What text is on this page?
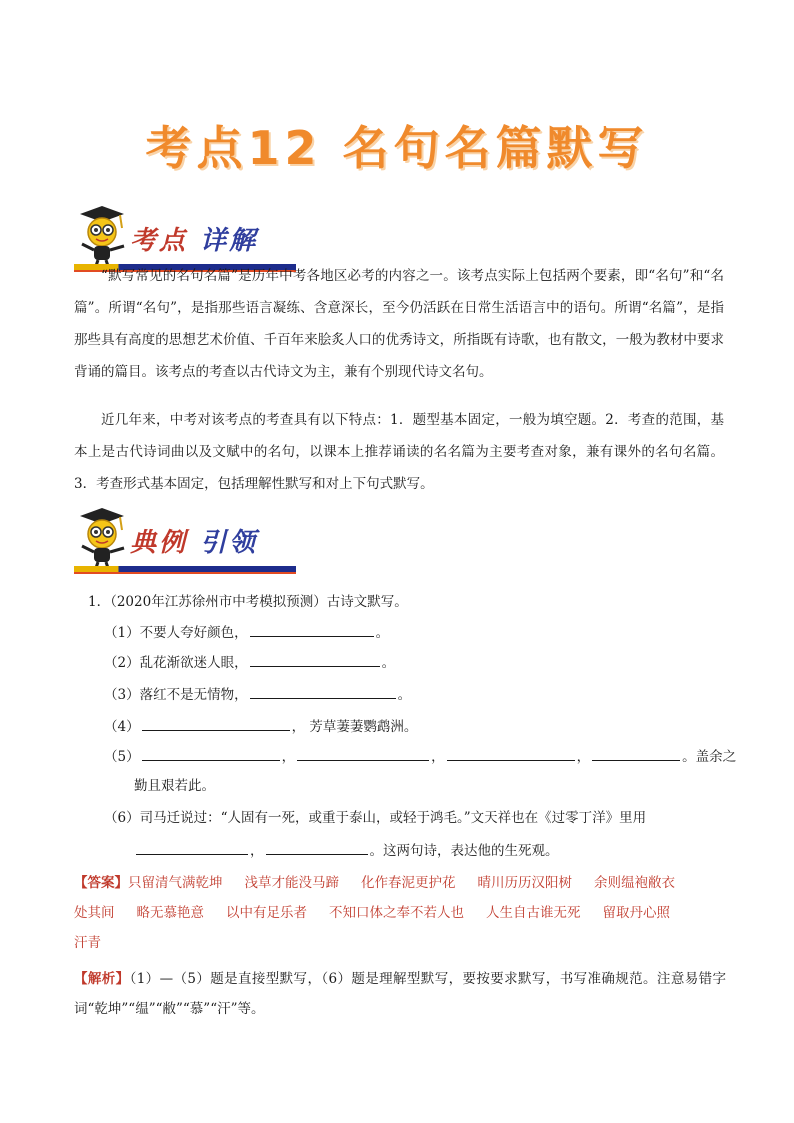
考点12 名句名篇默写
考点 详解
“默写常见的名句名篇”是历年中考各地区必考的内容之一。该考点实际上包括两个要素，即“名句”和“名篇”。所谓“名句”，是指那些语言凝练、含意深长，至今仍活跃在日常生活语言中的语句。所谓“名篇”，是指那些具有高度的思想艺术价值、千百年来脍炙人口的优秀诗文，所指既有诗歌，也有散文，一般为教材中要求背诵的篇目。该考点的考查以古代诗文为主，兼有个别现代诗文名句。
近几年来，中考对该考点的考查具有以下特点：1．题型基本固定，一般为填空题。2．考查的范围，基本上是古代诗词曲以及文赋中的名句，以课本上推荐诵读的名名篇为主要考查对象，兼有课外的名句名篇。3．考查形式基本固定，包括理解性默写和对上下句式默写。
典例 引领
1．（2020年江苏徐州市中考模拟预测）古诗文默写。
（1）不要人夸好颜色，	。
（2）乱花渐欲迷人眼，	。
（3）落红不是无情物，	。
（4）	， 芳草萋萋鹦鹉洲。
（5）	，	，	，	。盖余之
勤且艰若此。
（6）司马迁说过：“人固有一死，或重于泰山，或轻于鸿毛。”文天祥也在《过零丁洋》里用
，	。这两句诗，表达他的生死观。
【答案】只留清气满乾坤 浅草才能没马蹄 化作春泥更护花 晴川历历汉阳树 余则缊袍敝衣
处其间 略无慕艳意 以中有足乐者 不知口体之奉不若人也 人生自古谁无死 留取丹心照
汗青
【解析】（1）—（5）题是直接型默写，（6）题是理解型默写，要按要求默写，书写准确规范。注意易错字词“乾坤”“缊”“敝”“慕”“汗”等。
